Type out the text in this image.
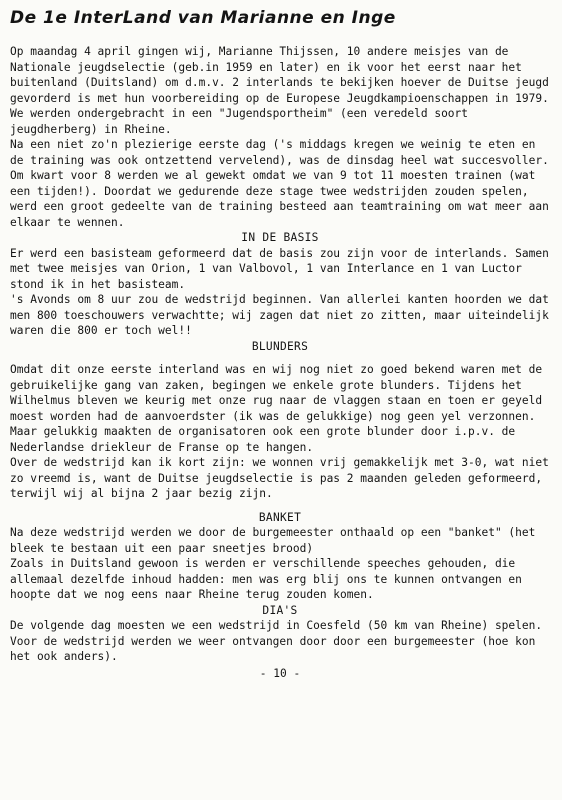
De 1e InterLand van Marianne en Inge

Op maandag 4 april gingen wij, Marianne Thijssen, 10 andere meisjes van de Nationale jeugdselectie (geb.in 1959 en later) en ik voor het eerst naar het buitenland (Duitsland) om d.m.v. 2 interlands te bekijken hoever de Duitse jeugd gevorderd is met hun voorbereiding op de Europese Jeugdkampioenschappen in 1979. We werden ondergebracht in een "Jugendsportheim" (een veredeld soort jeugdherberg) in Rheine.

Na een niet zo'n plezierige eerste dag ('s middags kregen we weinig te eten en de training was ook ontzettend vervelend), was de dinsdag heel wat succesvoller.

Om kwart voor 8 werden we al gewekt omdat we van 9 tot 11 moesten trainen (wat een tijden!). Doordat we gedurende deze stage twee wedstrijden zouden spelen, werd een groot gedeelte van de training besteed aan teamtraining om wat meer aan elkaar te wennen.

IN DE BASIS

Er werd een basisteam geformeerd dat de basis zou zijn voor de interlands. Samen met twee meisjes van Orion, 1 van Valbovol, 1 van Interlance en 1 van Luctor stond ik in het basisteam.

's Avonds om 8 uur zou de wedstrijd beginnen. Van allerlei kanten hoorden we dat men 800 toeschouwers verwachtte; wij zagen dat niet zo zitten, maar uiteindelijk waren die 800 er toch wel!!

BLUNDERS

Omdat dit onze eerste interland was en wij nog niet zo goed bekend waren met de gebruikelijke gang van zaken, begingen we enkele grote blunders. Tijdens het Wilhelmus bleven we keurig met onze rug naar de vlaggen staan en toen er geyeld moest worden had de aanvoerdster (ik was de gelukkige) nog geen yel verzonnen. Maar gelukkig maakten de organisatoren ook een grote blunder door i.p.v. de Nederlandse driekleur de Franse op te hangen.

Over de wedstrijd kan ik kort zijn: we wonnen vrij gemakkelijk met 3-0, wat niet zo vreemd is, want de Duitse jeugdselectie is pas 2 maanden geleden geformeerd, terwijl wij al bijna 2 jaar bezig zijn.

BANKET

Na deze wedstrijd werden we door de burgemeester onthaald op een "banket" (het bleek te bestaan uit een paar sneetjes brood)

Zoals in Duitsland gewoon is werden er verschillende speeches gehouden, die allemaal dezelfde inhoud hadden: men was erg blij ons te kunnen ontvangen en hoopte dat we nog eens naar Rheine terug zouden komen.

DIA'S

De volgende dag moesten we een wedstrijd in Coesfeld (50 km van Rheine) spelen. Voor de wedstrijd werden we weer ontvangen door door een burgemeester (hoe kon het ook anders).

- 10 -
